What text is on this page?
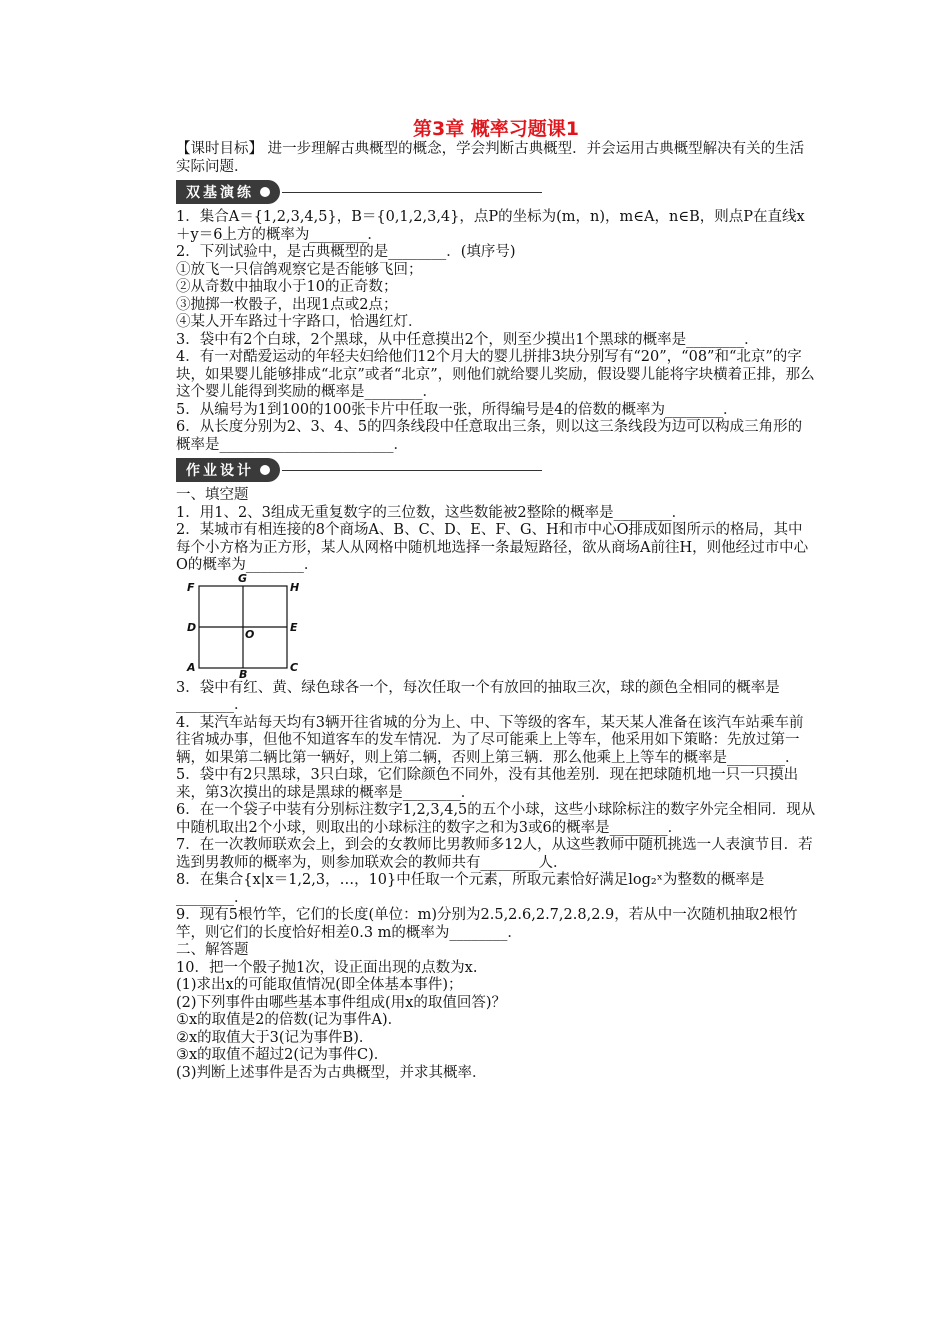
第3章 概率习题课1

【课时目标】 进一步理解古典概型的概念，学会判断古典概型．并会运用古典概型解决有关的生活实际问题．

双基演练

1．集合A＝{1,2,3,4,5}，B＝{0,1,2,3,4}，点P的坐标为(m，n)，m∈A，n∈B，则点P在直线x＋y＝6上方的概率为________．

2．下列试验中，是古典概型的是________．(填序号)

①放飞一只信鸽观察它是否能够飞回；

②从奇数中抽取小于10的正奇数；

③抛掷一枚骰子，出现1点或2点；

④某人开车路过十字路口，恰遇红灯．

3．袋中有2个白球，2个黑球，从中任意摸出2个，则至少摸出1个黑球的概率是________．

4．有一对酷爱运动的年轻夫妇给他们12个月大的婴儿拼排3块分别写有“20”，“08”和“北京”的字块，如果婴儿能够排成“北京”或者“北京”，则他们就给婴儿奖励，假设婴儿能将字块横着正排，那么这个婴儿能得到奖励的概率是________．

5．从编号为1到100的100张卡片中任取一张，所得编号是4的倍数的概率为________．

6．从长度分别为2、3、4、5的四条线段中任意取出三条，则以这三条线段为边可以构成三角形的概率是________________________．

作业设计

一、填空题

1．用1、2、3组成无重复数字的三位数，这些数能被2整除的概率是________．

2．某城市有相连接的8个商场A、B、C、D、E、F、G、H和市中心O排成如图所示的格局，其中每个小方格为正方形，某人从网格中随机地选择一条最短路径，欲从商场A前往H，则他经过市中心O的概率为________．

F
G
H
D
O
E
A
B
C

3．袋中有红、黄、绿色球各一个，每次任取一个有放回的抽取三次，球的颜色全相同的概率是________．

4．某汽车站每天均有3辆开往省城的分为上、中、下等级的客车，某天某人准备在该汽车站乘车前往省城办事，但他不知道客车的发车情况．为了尽可能乘上上等车，他采用如下策略：先放过第一辆，如果第二辆比第一辆好，则上第二辆，否则上第三辆．那么他乘上上等车的概率是________．

5．袋中有2只黑球，3只白球，它们除颜色不同外，没有其他差别．现在把球随机地一只一只摸出来，第3次摸出的球是黑球的概率是________．

6．在一个袋子中装有分别标注数字1,2,3,4,5的五个小球，这些小球除标注的数字外完全相同．现从中随机取出2个小球，则取出的小球标注的数字之和为3或6的概率是________．

7．在一次教师联欢会上，到会的女教师比男教师多12人，从这些教师中随机挑选一人表演节目．若选到男教师的概率为，则参加联欢会的教师共有________人．

8．在集合{x|x＝1,2,3，…，10}中任取一个元素，所取元素恰好满足log₂ˣ为整数的概率是________．

9．现有5根竹竿，它们的长度(单位：m)分别为2.5,2.6,2.7,2.8,2.9，若从中一次随机抽取2根竹竿，则它们的长度恰好相差0.3 m的概率为________．

二、解答题

10．把一个骰子抛1次，设正面出现的点数为x.

(1)求出x的可能取值情况(即全体基本事件)；

(2)下列事件由哪些基本事件组成(用x的取值回答)？

①x的取值是2的倍数(记为事件A)．

②x的取值大于3(记为事件B)．

③x的取值不超过2(记为事件C)．

(3)判断上述事件是否为古典概型，并求其概率．
